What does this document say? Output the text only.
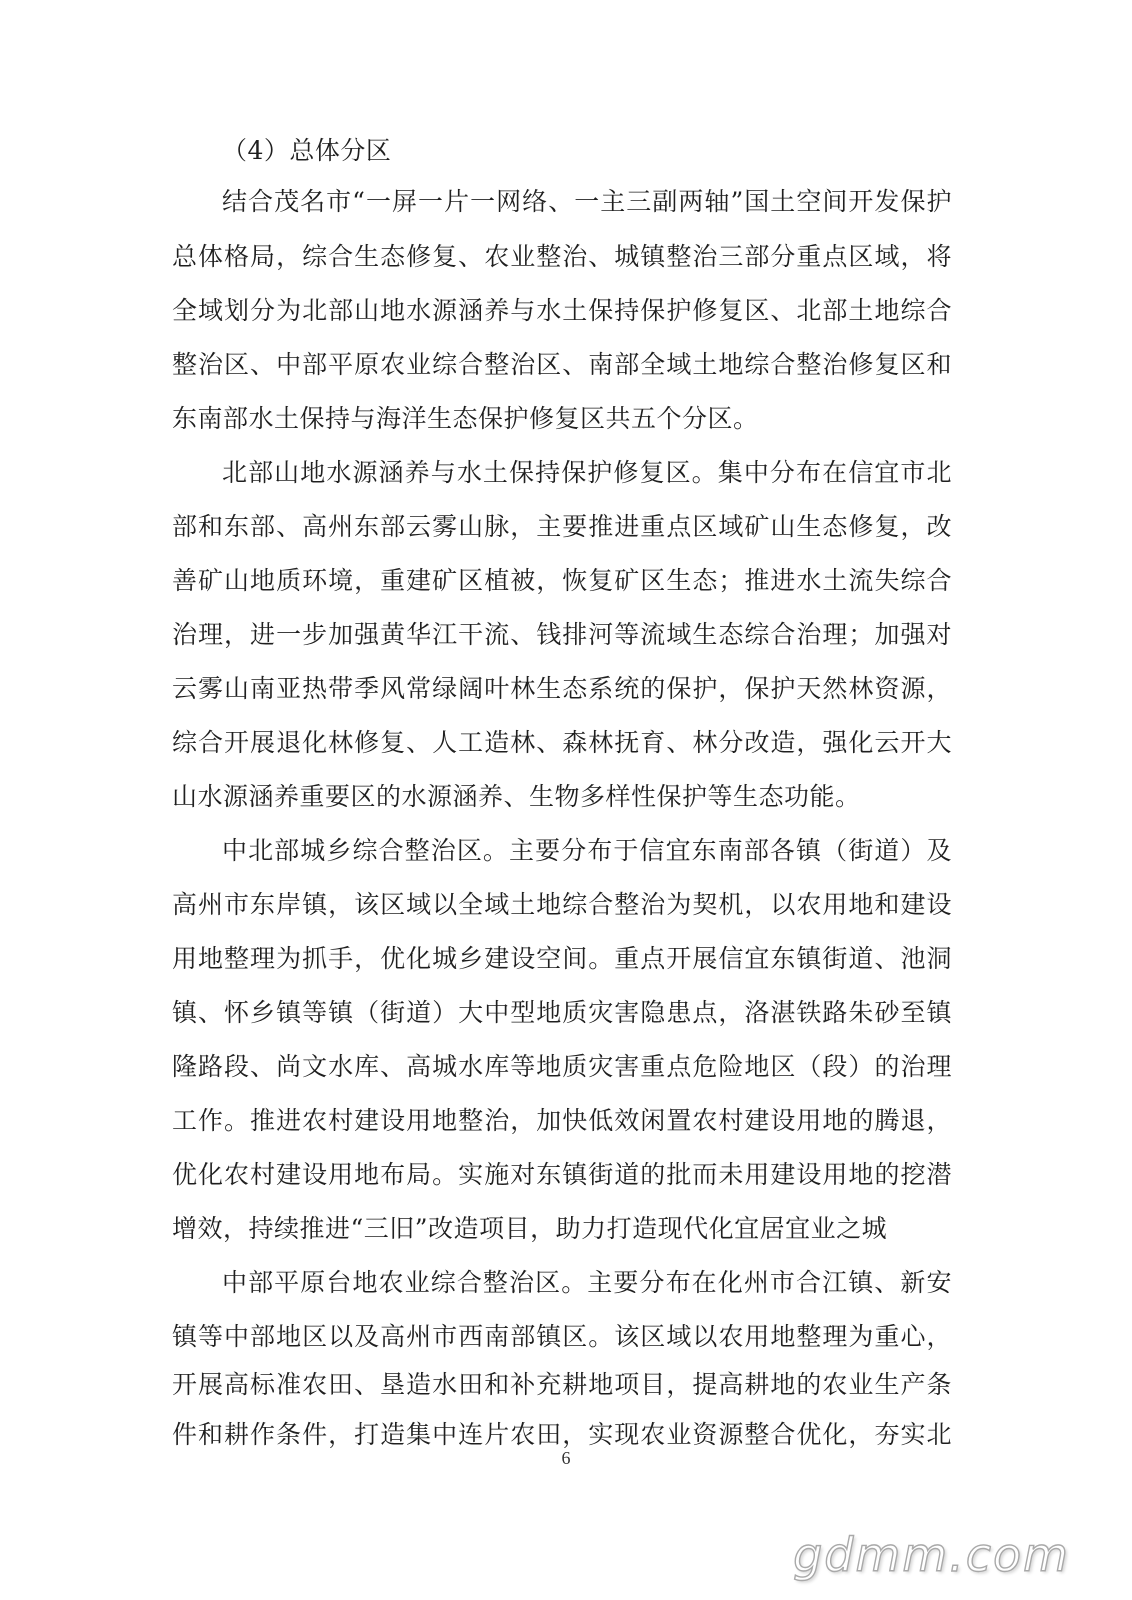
（4）总体分区
结合茂名市“一屏一片一网络、一主三副两轴”国土空间开发保护
总体格局，综合生态修复、农业整治、城镇整治三部分重点区域，将
全域划分为北部山地水源涵养与水土保持保护修复区、北部土地综合
整治区、中部平原农业综合整治区、南部全域土地综合整治修复区和
东南部水土保持与海洋生态保护修复区共五个分区。
北部山地水源涵养与水土保持保护修复区。集中分布在信宜市北
部和东部、高州东部云雾山脉，主要推进重点区域矿山生态修复，改
善矿山地质环境，重建矿区植被，恢复矿区生态；推进水土流失综合
治理，进一步加强黄华江干流、钱排河等流域生态综合治理；加强对
云雾山南亚热带季风常绿阔叶林生态系统的保护，保护天然林资源，
综合开展退化林修复、人工造林、森林抚育、林分改造，强化云开大
山水源涵养重要区的水源涵养、生物多样性保护等生态功能。
中北部城乡综合整治区。主要分布于信宜东南部各镇（街道）及
高州市东岸镇，该区域以全域土地综合整治为契机，以农用地和建设
用地整理为抓手，优化城乡建设空间。重点开展信宜东镇街道、池洞
镇、怀乡镇等镇（街道）大中型地质灾害隐患点，洛湛铁路朱砂至镇
隆路段、尚文水库、高城水库等地质灾害重点危险地区（段）的治理
工作。推进农村建设用地整治，加快低效闲置农村建设用地的腾退，
优化农村建设用地布局。实施对东镇街道的批而未用建设用地的挖潜
增效，持续推进“三旧”改造项目，助力打造现代化宜居宜业之城
中部平原台地农业综合整治区。主要分布在化州市合江镇、新安
镇等中部地区以及高州市西南部镇区。该区域以农用地整理为重心，
开展高标准农田、垦造水田和补充耕地项目，提高耕地的农业生产条
件和耕作条件，打造集中连片农田，实现农业资源整合优化，夯实北
6
gdmm.com
